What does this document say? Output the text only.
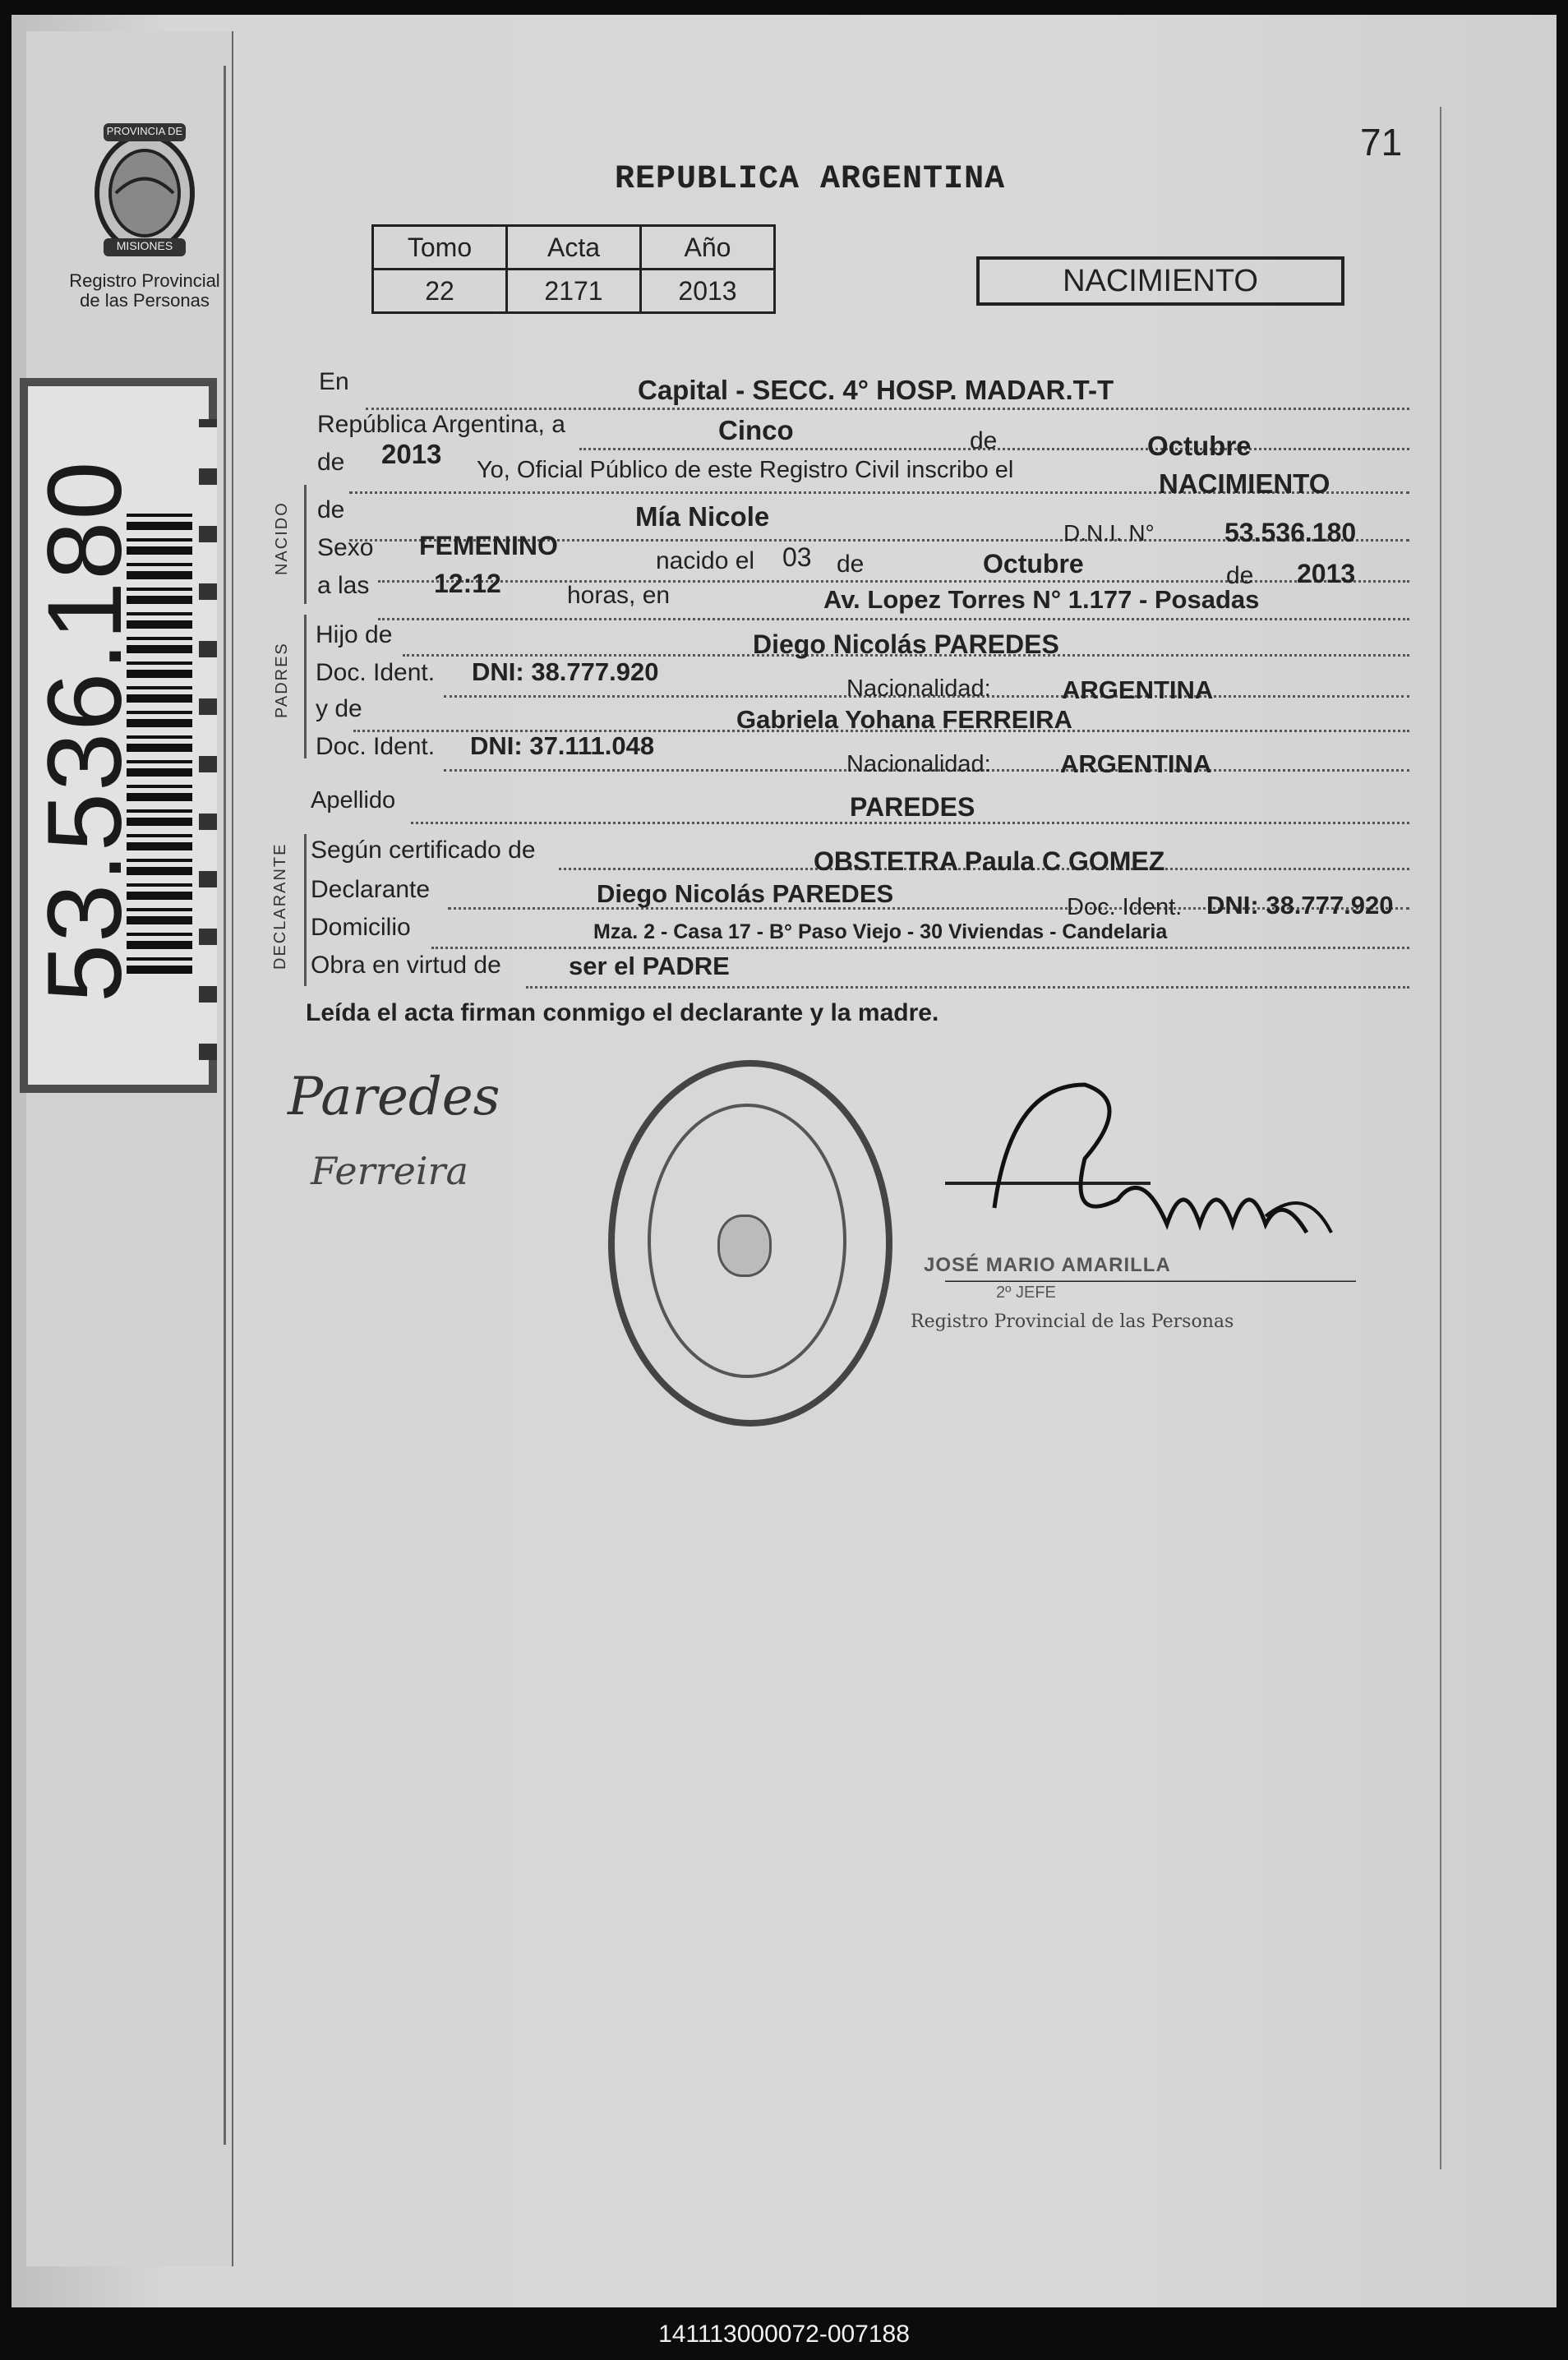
PROVINCIA DE
MISIONES
Registro Provincial
de las Personas
53.536.180
71
REPUBLICA ARGENTINA
Tomo	Acta	Año
22	2171	2013	NACIMIENTO
NACIDO
PADRES
DECLARANTE
En	Capital - SECC. 4° HOSP. MADAR.T-T
República Argentina, a	Cinco	de	Octubre
de 2013
Yo, Oficial Público de este Registro Civil inscribo el	NACIMIENTO
de	Mía Nicole
D.N.I. N°	53.536.180
Sexo FEMENINO
nacido el 03 de	Octubre	de 2013
a las 12:12	horas, en	Av. Lopez Torres N° 1.177 - Posadas
Hijo de	Diego Nicolás PAREDES
Doc. Ident. DNI: 38.777.920
Nacionalidad:	ARGENTINA
y de	Gabriela Yohana FERREIRA
Doc. Ident. DNI: 37.111.048
Nacionalidad:	ARGENTINA
Apellido	PAREDES
Según certificado de	OBSTETRA Paula C GOMEZ
Declarante	Diego Nicolás PAREDES	Doc. Ident. DNI: 38.777.920
Domicilio	Mza. 2 - Casa 17 - B° Paso Viejo - 30 Viviendas - Candelaria
Obra en virtud de	ser el PADRE
Leída el acta firman conmigo el declarante y la madre.
Paredes
Ferreira
JOSÉ MARIO AMARILLA
2º JEFE
Registro Provincial de las Personas
141113000072-007188
